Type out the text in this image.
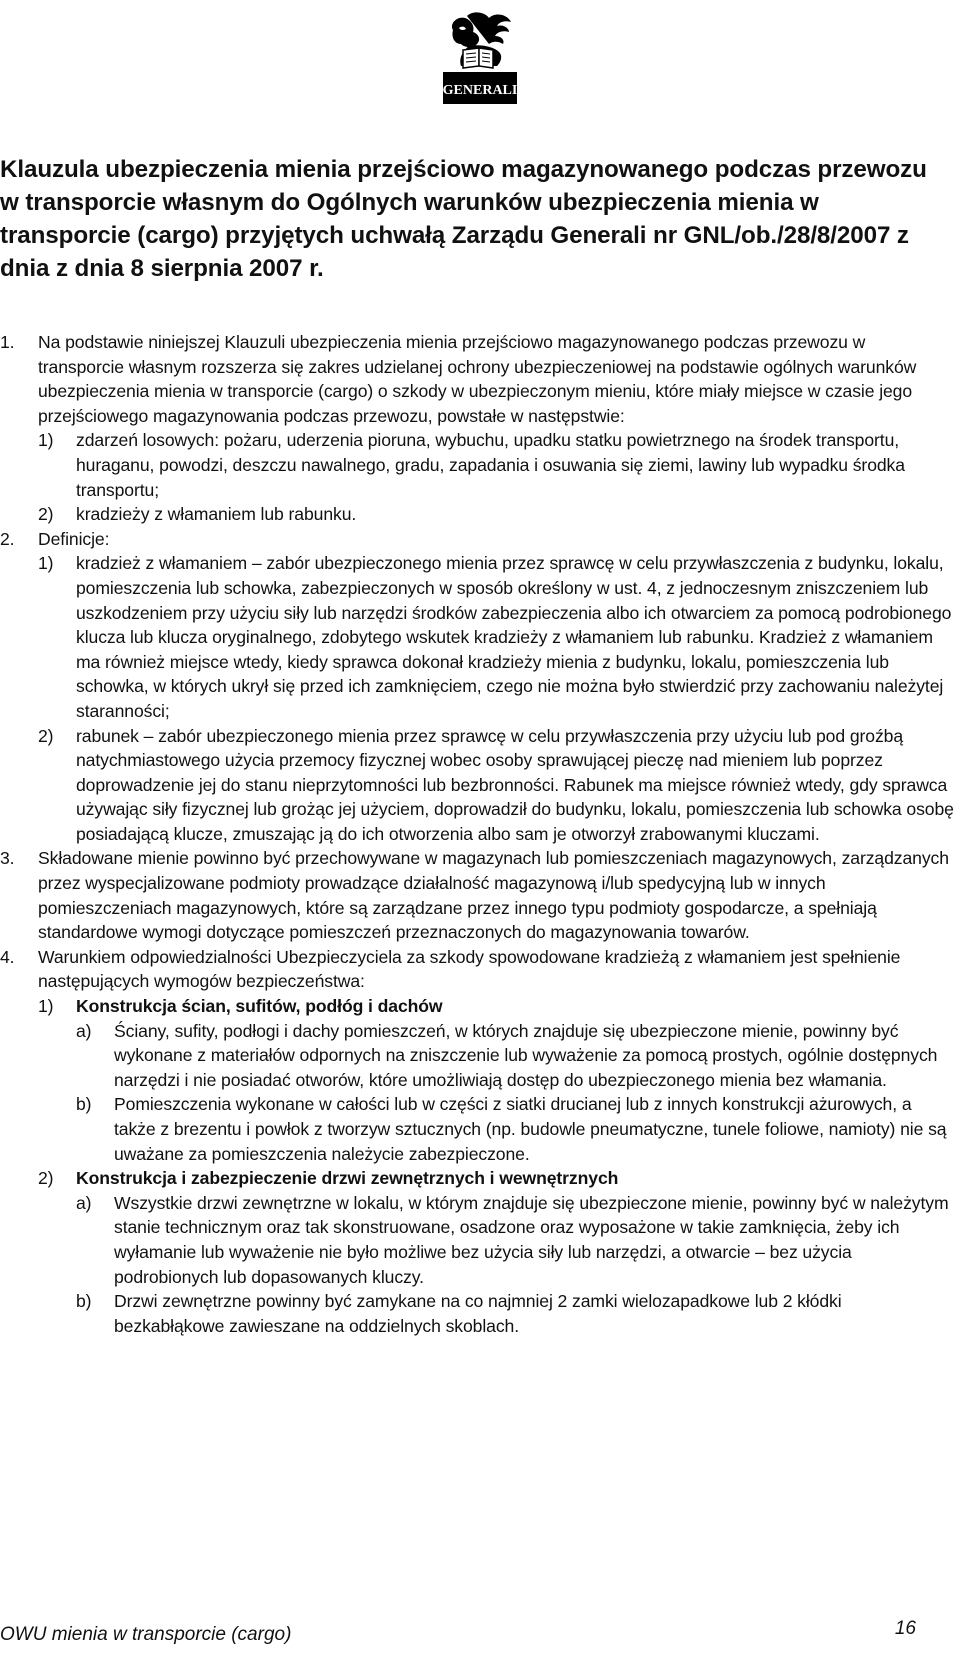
GENERALI
Klauzula ubezpieczenia mienia przejściowo magazynowanego podczas przewozu w transporcie własnym do Ogólnych warunków ubezpieczenia mienia w transporcie (cargo) przyjętych uchwałą Zarządu Generali nr GNL/ob./28/8/2007 z dnia z dnia 8 sierpnia 2007 r.
1. Na podstawie niniejszej Klauzuli ubezpieczenia mienia przejściowo magazynowanego podczas przewozu w transporcie własnym rozszerza się zakres udzielanej ochrony ubezpieczeniowej na podstawie ogólnych warunków ubezpieczenia mienia w transporcie (cargo) o szkody w ubezpieczonym mieniu, które miały miejsce w czasie jego przejściowego magazynowania podczas przewozu, powstałe w następstwie:
1) zdarzeń losowych: pożaru, uderzenia pioruna, wybuchu, upadku statku powietrznego na środek transportu, huraganu, powodzi, deszczu nawalnego, gradu, zapadania i osuwania się ziemi, lawiny lub wypadku środka transportu;
2) kradzieży z włamaniem lub rabunku.
2. Definicje:
1) kradzież z włamaniem – zabór ubezpieczonego mienia przez sprawcę w celu przywłaszczenia z budynku, lokalu, pomieszczenia lub schowka, zabezpieczonych w sposób określony w ust. 4, z jednoczesnym zniszczeniem lub uszkodzeniem przy użyciu siły lub narzędzi środków zabezpieczenia albo ich otwarciem za pomocą podrobionego klucza lub klucza oryginalnego, zdobytego wskutek kradzieży z włamaniem lub rabunku. Kradzież z włamaniem ma również miejsce wtedy, kiedy sprawca dokonał kradzieży mienia z budynku, lokalu, pomieszczenia lub schowka, w których ukrył się przed ich zamknięciem, czego nie można było stwierdzić przy zachowaniu należytej staranności;
2) rabunek – zabór ubezpieczonego mienia przez sprawcę w celu przywłaszczenia przy użyciu lub pod groźbą natychmiastowego użycia przemocy fizycznej wobec osoby sprawującej pieczę nad mieniem lub poprzez doprowadzenie jej do stanu nieprzytomności lub bezbronności. Rabunek ma miejsce również wtedy, gdy sprawca używając siły fizycznej lub grożąc jej użyciem, doprowadził do budynku, lokalu, pomieszczenia lub schowka osobę posiadającą klucze, zmuszając ją do ich otworzenia albo sam je otworzył zrabowanymi kluczami.
3. Składowane mienie powinno być przechowywane w magazynach lub pomieszczeniach magazynowych, zarządzanych przez wyspecjalizowane podmioty prowadzące działalność magazynową i/lub spedycyjną lub w innych pomieszczeniach magazynowych, które są zarządzane przez innego typu podmioty gospodarcze, a spełniają standardowe wymogi dotyczące pomieszczeń przeznaczonych do magazynowania towarów.
4. Warunkiem odpowiedzialności Ubezpieczyciela za szkody spowodowane kradzieżą z włamaniem jest spełnienie następujących wymogów bezpieczeństwa:
1) Konstrukcja ścian, sufitów, podłóg i dachów
a) Ściany, sufity, podłogi i dachy pomieszczeń, w których znajduje się ubezpieczone mienie, powinny być wykonane z materiałów odpornych na zniszczenie lub wyważenie za pomocą prostych, ogólnie dostępnych narzędzi i nie posiadać otworów, które umożliwiają dostęp do ubezpieczonego mienia bez włamania.
b) Pomieszczenia wykonane w całości lub w części z siatki drucianej lub z innych konstrukcji ażurowych, a także z brezentu i powłok z tworzyw sztucznych (np. budowle pneumatyczne, tunele foliowe, namioty) nie są uważane za pomieszczenia należycie zabezpieczone.
2) Konstrukcja i zabezpieczenie drzwi zewnętrznych i wewnętrznych
a) Wszystkie drzwi zewnętrzne w lokalu, w którym znajduje się ubezpieczone mienie, powinny być w należytym stanie technicznym oraz tak skonstruowane, osadzone oraz wyposażone w takie zamknięcia, żeby ich wyłamanie lub wyważenie nie było możliwe bez użycia siły lub narzędzi, a otwarcie – bez użycia podrobionych lub dopasowanych kluczy.
b) Drzwi zewnętrzne powinny być zamykane na co najmniej 2 zamki wielozapadkowe lub 2 kłódki bezkabłąkowe zawieszane na oddzielnych skoblach.
OWU mienia w transporcie (cargo)	16
